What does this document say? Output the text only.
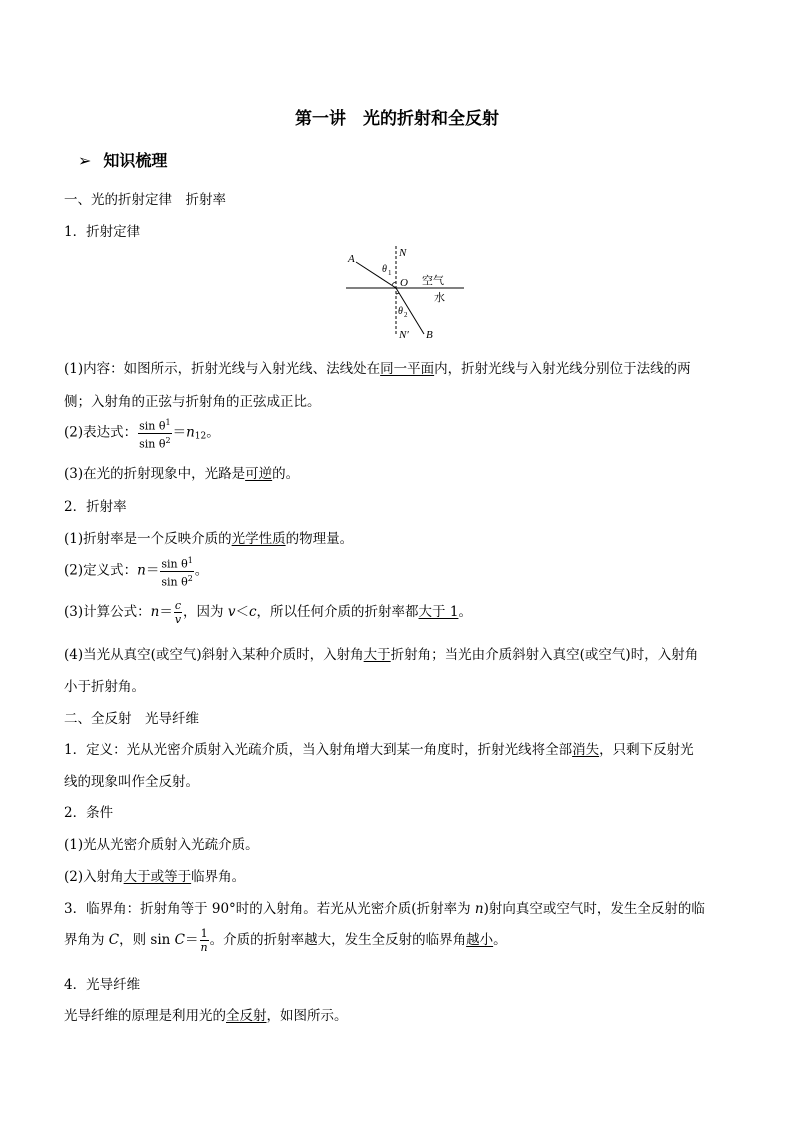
第一讲　光的折射和全反射
➢ 知识梳理
一、光的折射定律　折射率
1．折射定律
A	N
θ 1
O 空气
水
θ 2
N′ B
(1)内容：如图所示，折射光线与入射光线、法线处在同一平面内，折射光线与入射光线分别位于法线的两
侧；入射角的正弦与折射角的正弦成正比。
(2)表达式： $\frac{\sin \theta^1}{\sin \theta^2} =n12$。
(3)在光的折射现象中，光路是可逆的。
2．折射率
(1)折射率是一个反映介质的光学性质的物理量。
(2)定义式：$n= \frac{\sin \theta^1}{\sin \theta^2}$ 。
(3)计算公式：$n= \frac{c}{v}$ ，因为 v＜c，所以任何介质的折射率都大于 1。
(4)当光从真空(或空气)斜射入某种介质时，入射角大于折射角；当光由介质斜射入真空(或空气)时，入射角
小于折射角。
二、全反射　光导纤维
1．定义：光从光密介质射入光疏介质，当入射角增大到某一角度时，折射光线将全部消失，只剩下反射光
线的现象叫作全反射。
2．条件
(1)光从光密介质射入光疏介质。
(2)入射角大于或等于临界角。
3．临界角：折射角等于 90°时的入射角。若光从光密介质(折射率为 n)射向真空或空气时，发生全反射的临
界角为 C，则 $\sin C= \frac{1}{n}$ 。介质的折射率越大，发生全反射的临界角越小。
4．光导纤维
光导纤维的原理是利用光的全反射，如图所示。
